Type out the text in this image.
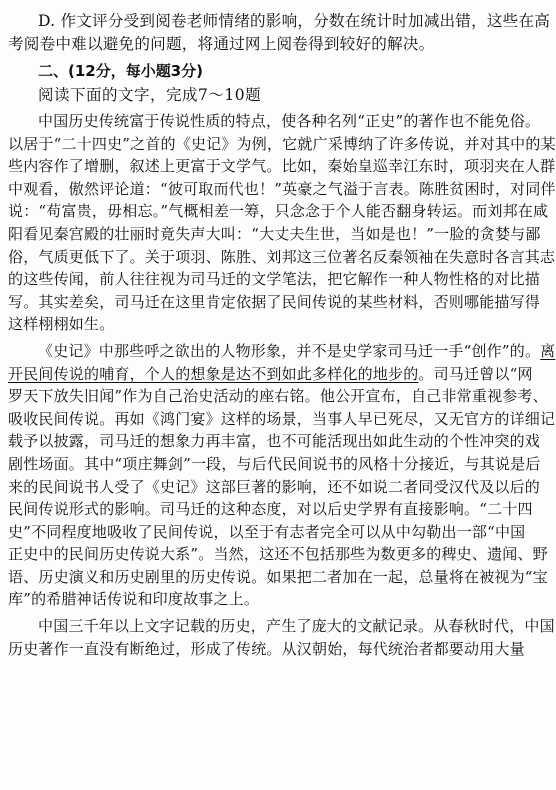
D. 作文评分受到阅卷老师情绪的影响，分数在统计时加减出错，这些在高
考阅卷中难以避免的问题，将通过网上阅卷得到较好的解决。
二、(12分，每小题3分)
阅读下面的文字，完成7～10题
中国历史传统富于传说性质的特点，使各种名列“正史”的著作也不能免俗。
以居于“二十四史”之首的《史记》为例，它就广采博纳了许多传说，并对其中的某
些内容作了增删，叙述上更富于文学气。比如，秦始皇巡幸江东时，项羽夹在人群
中观看，傲然评论道：“彼可取而代也！”英豪之气溢于言表。陈胜贫困时，对同伴
说：“苟富贵，毋相忘。”气概相差一筹，只念念于个人能否翻身转运。而刘邦在咸
阳看见秦宫殿的壮丽时竟失声大叫：“大丈夫生世，当如是也！”一脸的贪婪与鄙
俗，气质更低下了。关于项羽、陈胜、刘邦这三位著名反秦领袖在失意时各言其志
的这些传闻，前人往往视为司马迁的文学笔法，把它解作一种人物性格的对比描
写。其实差矣，司马迁在这里肯定依据了民间传说的某些材料，否则哪能描写得
这样栩栩如生。
《史记》中那些呼之欲出的人物形象，并不是史学家司马迁一手“创作”的。离
开民间传说的哺育，个人的想象是达不到如此多样化的地步的。司马迁曾以“网
罗天下放失旧闻”作为自己治史活动的座右铭。他公开宣布，自己非常重视参考、
吸收民间传说。再如《鸿门宴》这样的场景，当事人早已死尽，又无官方的详细记
载予以披露，司马迁的想象力再丰富，也不可能活现出如此生动的个性冲突的戏
剧性场面。其中“项庄舞剑”一段，与后代民间说书的风格十分接近，与其说是后
来的民间说书人受了《史记》这部巨著的影响，还不如说二者同受汉代及以后的
民间传说形式的影响。司马迁的这种态度，对以后史学界有直接影响。“二十四
史”不同程度地吸收了民间传说，以至于有志者完全可以从中勾勒出一部“中国
正史中的民间历史传说大系”。当然，这还不包括那些为数更多的稗史、遗闻、野
语、历史演义和历史剧里的历史传说。如果把二者加在一起，总量将在被视为“宝
库”的希腊神话传说和印度故事之上。
中国三千年以上文字记载的历史，产生了庞大的文献记录。从春秋时代，中国
历史著作一直没有断绝过，形成了传统。从汉朝始，每代统治者都要动用大量
